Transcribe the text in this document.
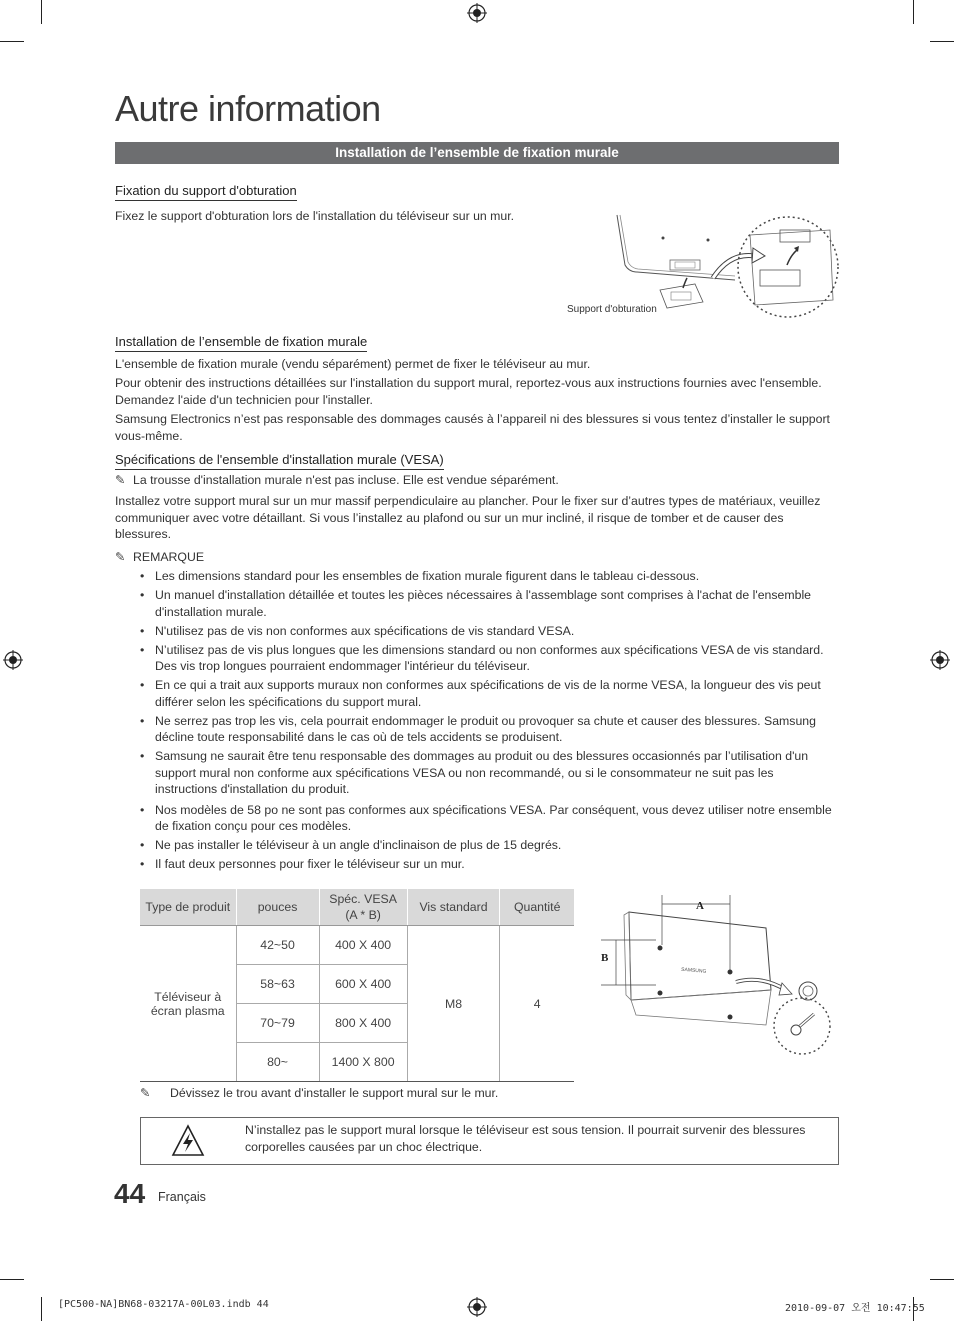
Autre information
Installation de l’ensemble de fixation murale
Fixation du support d'obturation
Fixez le support d'obturation lors de l'installation du téléviseur sur un mur.
Support d'obturation
Installation de l’ensemble de fixation murale
L'ensemble de fixation murale (vendu séparément) permet de fixer le téléviseur au mur.
Pour obtenir des instructions détaillées sur l'installation du support mural, reportez-vous aux instructions fournies avec l'ensemble. Demandez l'aide d'un technicien pour l'installer.
Samsung Electronics n’est pas responsable des dommages causés à l’appareil ni des blessures si vous tentez d’installer le support vous-même.
Spécifications de l'ensemble d'installation murale (VESA)
✎ La trousse d'installation murale n'est pas incluse. Elle est vendue séparément.
Installez votre support mural sur un mur massif perpendiculaire au plancher. Pour le fixer sur d’autres types de matériaux, veuillez communiquer avec votre détaillant. Si vous l’installez au plafond ou sur un mur incliné, il risque de tomber et de causer des blessures.
✎ REMARQUE
• Les dimensions standard pour les ensembles de fixation murale figurent dans le tableau ci-dessous.
• Un manuel d'installation détaillée et toutes les pièces nécessaires à l'assemblage sont comprises à l'achat de l'ensemble d'installation murale.
• N'utilisez pas de vis non conformes aux spécifications de vis standard VESA.
• N’utilisez pas de vis plus longues que les dimensions standard ou non conformes aux spécifications VESA de vis standard. Des vis trop longues pourraient endommager l'intérieur du téléviseur.
• En ce qui a trait aux supports muraux non conformes aux spécifications de vis de la norme VESA, la longueur des vis peut différer selon les spécifications du support mural.
• Ne serrez pas trop les vis, cela pourrait endommager le produit ou provoquer sa chute et causer des blessures. Samsung décline toute responsabilité dans le cas où de tels accidents se produisent.
• Samsung ne saurait être tenu responsable des dommages au produit ou des blessures occasionnés par l’utilisation d'un support mural non conforme aux spécifications VESA ou non recommandé, ou si le consommateur ne suit pas les instructions d'installation du produit.
• Nos modèles de 58 po ne sont pas conformes aux spécifications VESA. Par conséquent, vous devez utiliser notre ensemble de fixation conçu pour ces modèles.
• Ne pas installer le téléviseur à un angle d'inclinaison de plus de 15 degrés.
• Il faut deux personnes pour fixer le téléviseur sur un mur.
Type de produit	pouces	Spéc. VESA (A * B)	Vis standard	Quantité
Téléviseur à écran plasma	42~50	400 X 400	M8	4
	58~63	600 X 400		
	70~79	800 X 400		
	80~	1400 X 800		
A
B
SAMSUNG
✎ Dévissez le trou avant d'installer le support mural sur le mur.
N’installez pas le support mural lorsque le téléviseur est sous tension. Il pourrait survenir des blessures corporelles causées par un choc électrique.
44 Français
[PC500-NA]BN68-03217A-00L03.indb 44	2010-09-07 오전 10:47:55
